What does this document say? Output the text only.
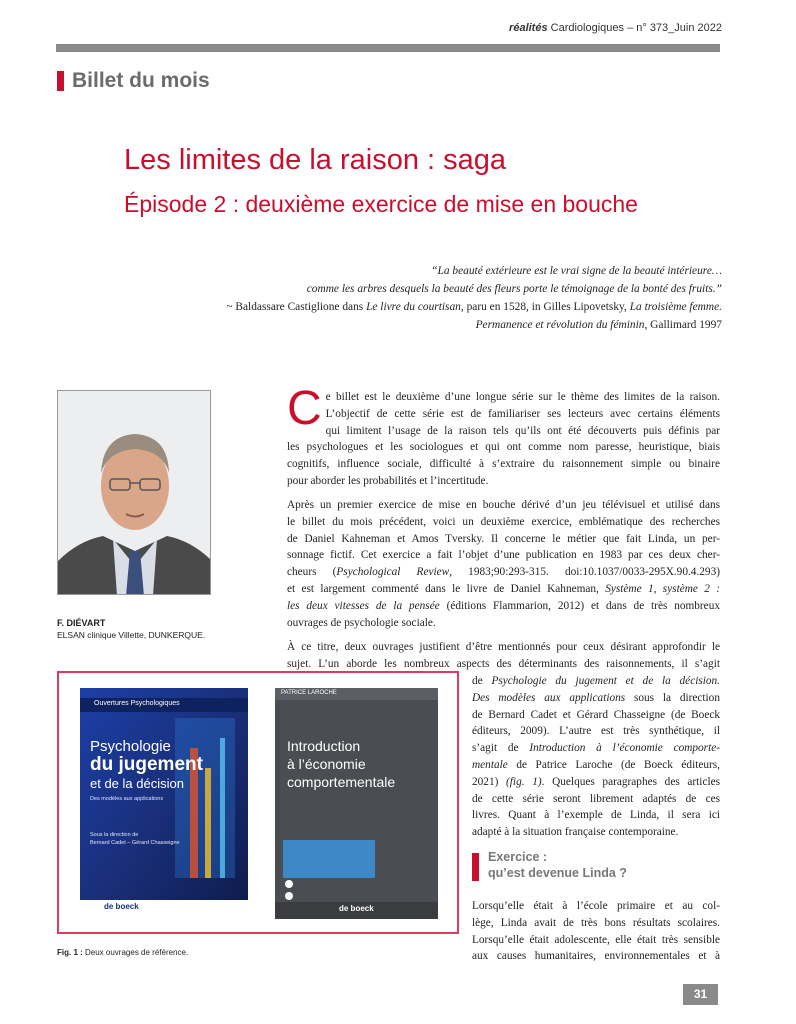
réalités Cardiologiques – n° 373_Juin 2022
Billet du mois
Les limites de la raison : saga
Épisode 2 : deuxième exercice de mise en bouche
“La beauté extérieure est le vrai signe de la beauté intérieure…
comme les arbres desquels la beauté des fleurs porte le témoignage de la bonté des fruits.”
~ Baldassare Castiglione dans Le livre du courtisan, paru en 1528, in Gilles Lipovetsky, La troisième femme.
Permanence et révolution du féminin, Gallimard 1997
F. DIÉVART
ELSAN clinique Villette, DUNKERQUE.
C e billet est le deuxième d’une longue série sur le thème des limites de la raison.
L’objectif de cette série est de familiariser ses lecteurs avec certains éléments
qui limitent l’usage de la raison tels qu’ils ont été découverts puis définis par
les psychologues et les sociologues et qui ont comme nom paresse, heuristique, biais
cognitifs, influence sociale, difficulté à s’extraire du raisonnement simple ou binaire
pour aborder les probabilités et l’incertitude.
Après un premier exercice de mise en bouche dérivé d’un jeu télévisuel et utilisé dans
le billet du mois précédent, voici un deuxième exercice, emblématique des recherches
de Daniel Kahneman et Amos Tversky. Il concerne le métier que fait Linda, un per-
sonnage fictif. Cet exercice a fait l’objet d’une publication en 1983 par ces deux cher-
cheurs (Psychological Review, 1983;90:293-315. doi:10.1037/0033-295X.90.4.293)
et est largement commenté dans le livre de Daniel Kahneman, Système 1, système 2 :
les deux vitesses de la pensée (éditions Flammarion, 2012) et dans de très nombreux
ouvrages de psychologie sociale.
À ce titre, deux ouvrages justifient d’être mentionnés pour ceux désirant approfondir le
sujet. L’un aborde les nombreux aspects des déterminants des raisonnements, il s’agit
de Psychologie du jugement et de la décision.
Des modèles aux applications sous la direction
de Bernard Cadet et Gérard Chasseigne (de Boeck
éditeurs, 2009). L’autre est très synthétique, il
s’agit de Introduction à l’économie comporte-
mentale de Patrice Laroche (de Boeck éditeurs,
2021) (fig. 1). Quelques paragraphes des articles
de cette série seront librement adaptés de ces
livres. Quant à l’exemple de Linda, il sera ici
adapté à la situation française contemporaine.
Ouvertures Psychologiques
Psychologie
du jugement
et de la décision
Des modèles aux applications
Sous la direction de
Bernard Cadet – Gérard Chasseigne
de boeck
PATRICE LAROCHE
Introduction
à l’économie
comportementale
de boeck
Fig. 1 : Deux ouvrages de référence.
Exercice :
qu’est devenue Linda ?
Lorsqu’elle était à l’école primaire et au col-
lège, Linda avait de très bons résultats scolaires.
Lorsqu’elle était adolescente, elle était très sensible
aux causes humanitaires, environnementales et à
31
